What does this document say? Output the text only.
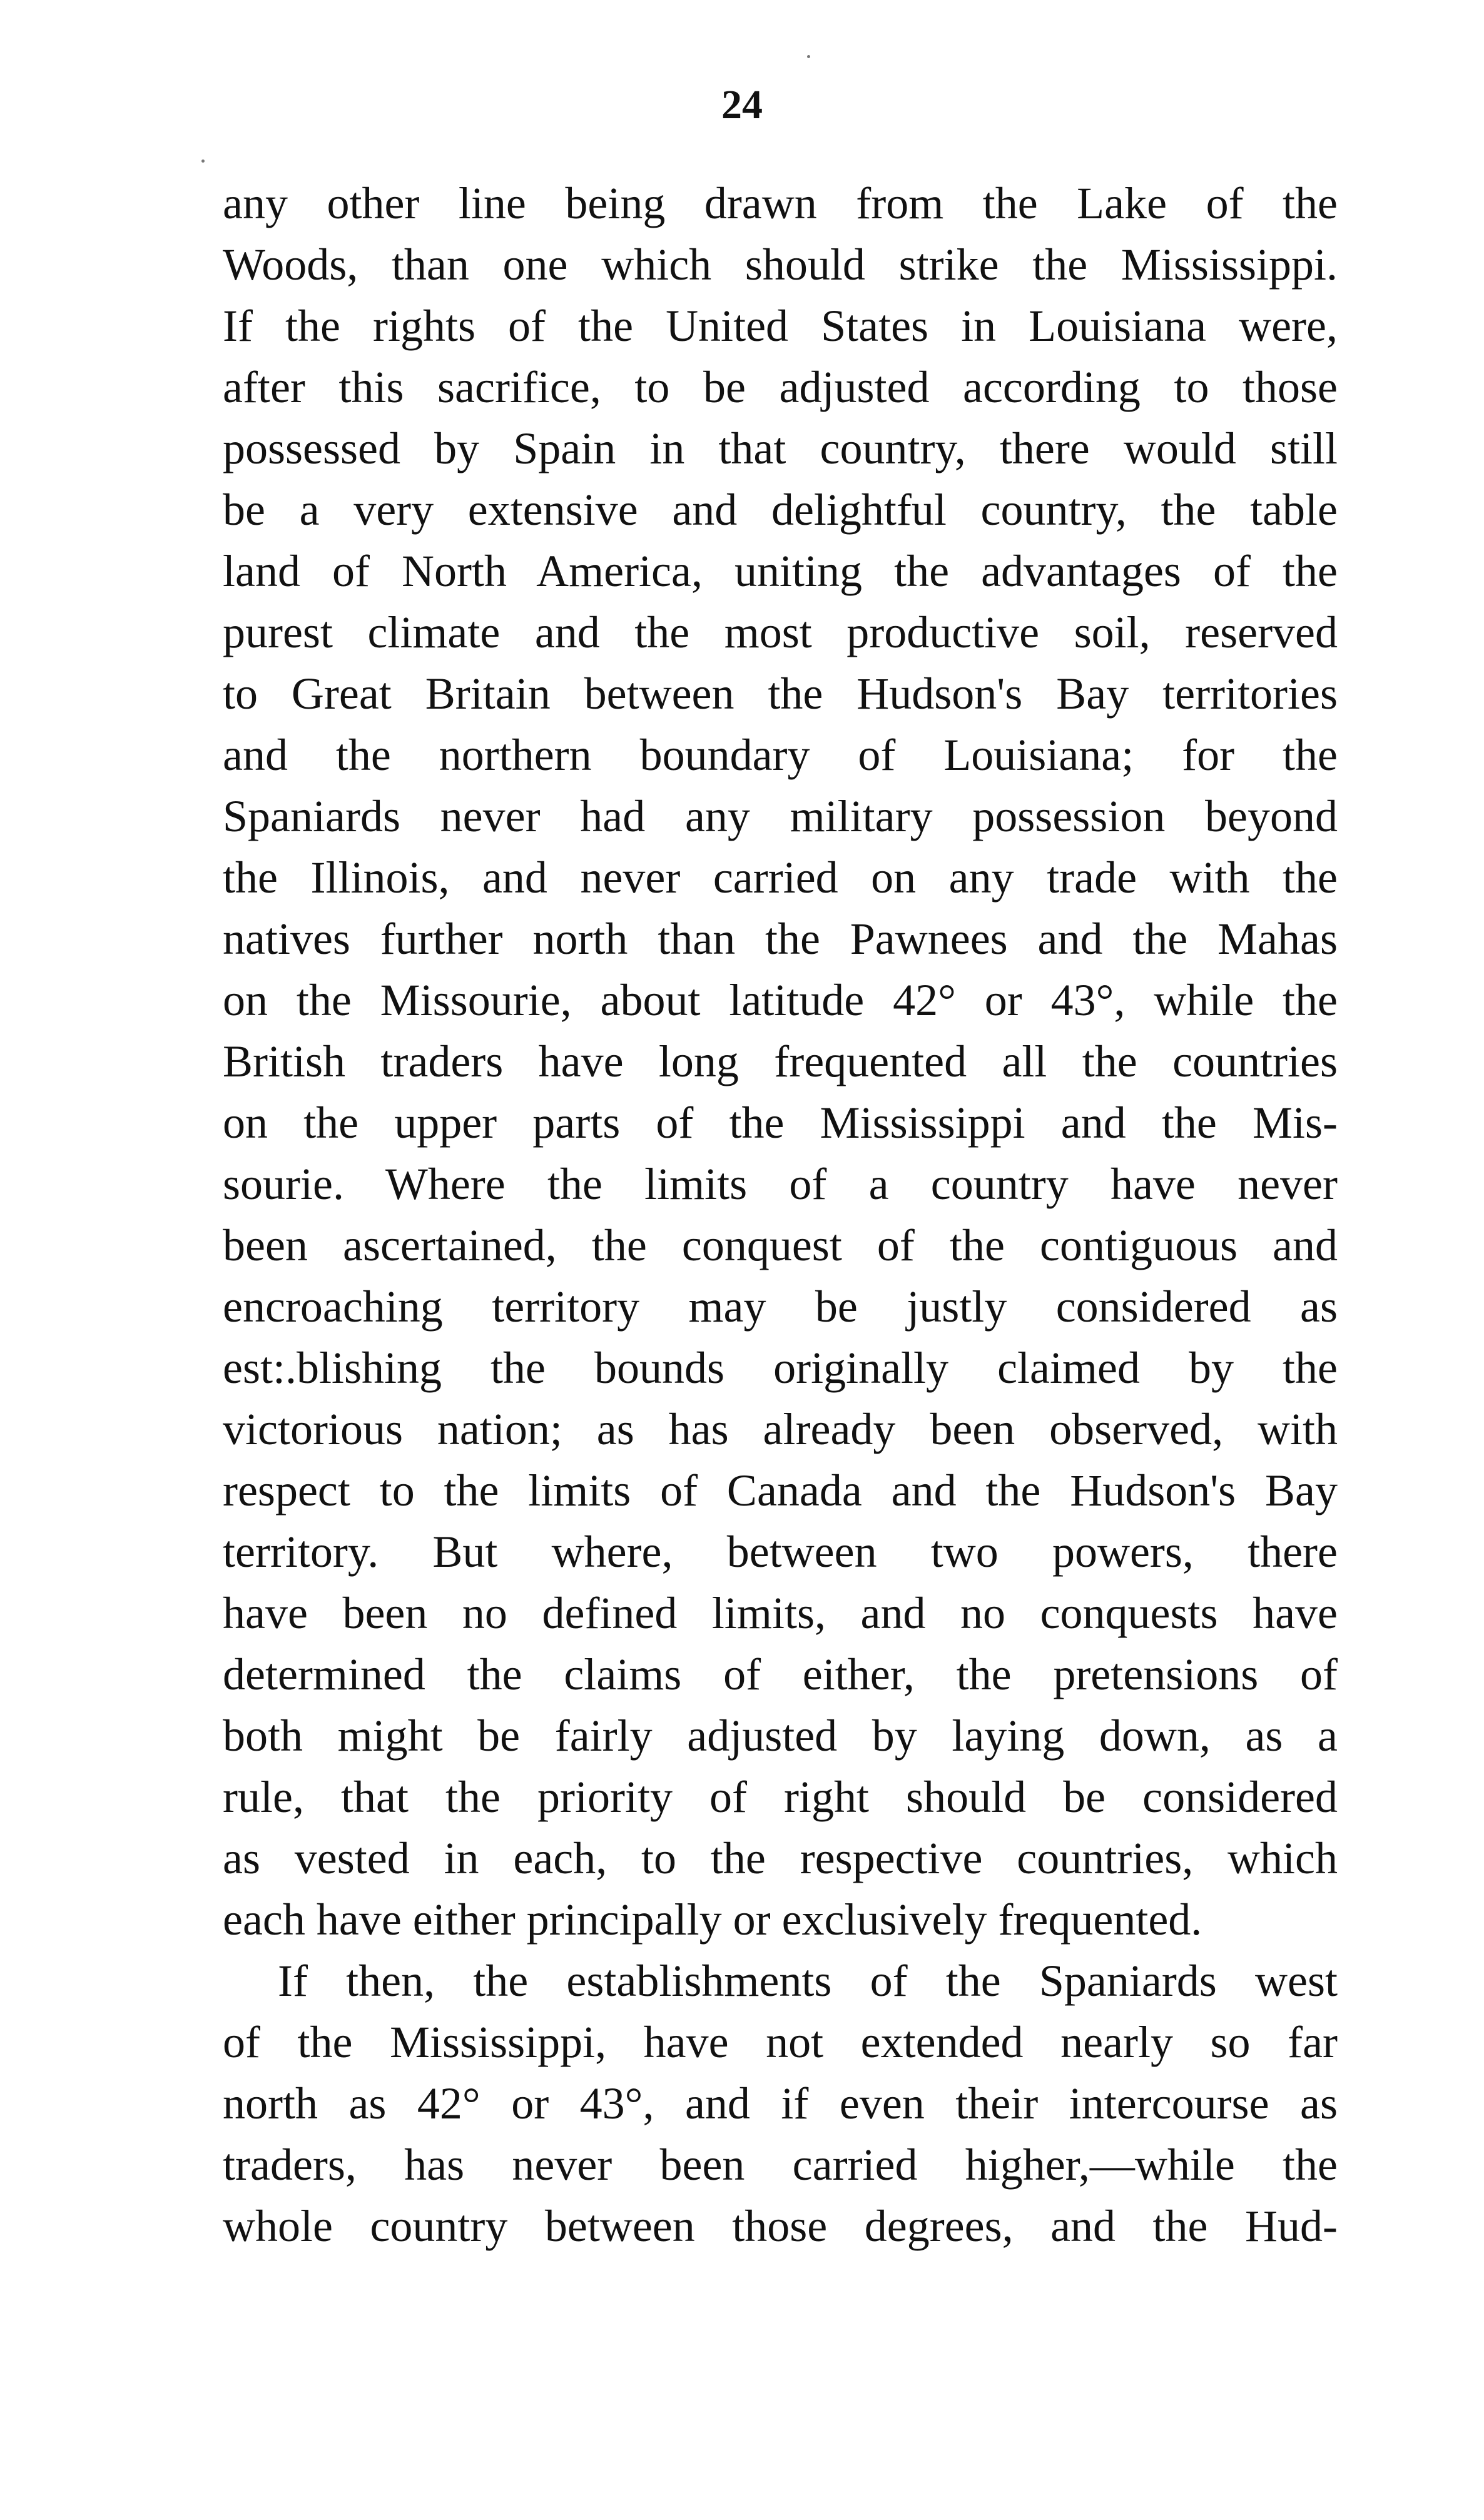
24
any other line being drawn from the Lake of the
Woods, than one which should strike the Mississippi.
If the rights of the United States in Louisiana were,
after this sacrifice, to be adjusted according to those
possessed by Spain in that country, there would still
be a very extensive and delightful country, the table
land of North America, uniting the advantages of the
purest climate and the most productive soil, reserved
to Great Britain between the Hudson's Bay territories
and the northern boundary of Louisiana; for the
Spaniards never had any military possession beyond
the Illinois, and never carried on any trade with the
natives further north than the Pawnees and the Mahas
on the Missourie, about latitude 42° or 43°, while the
British traders have long frequented all the countries
on the upper parts of the Mississippi and the Mis-
sourie. Where the limits of a country have never
been ascertained, the conquest of the contiguous and
encroaching territory may be justly considered as
est:.blishing the bounds originally claimed by the
victorious nation; as has already been observed, with
respect to the limits of Canada and the Hudson's Bay
territory. But where, between two powers, there
have been no defined limits, and no conquests have
determined the claims of either, the pretensions of
both might be fairly adjusted by laying down, as a
rule, that the priority of right should be considered
as vested in each, to the respective countries, which
each have either principally or exclusively frequented.
If then, the establishments of the Spaniards west
of the Mississippi, have not extended nearly so far
north as 42° or 43°, and if even their intercourse as
traders, has never been carried higher,—while the
whole country between those degrees, and the Hud-
